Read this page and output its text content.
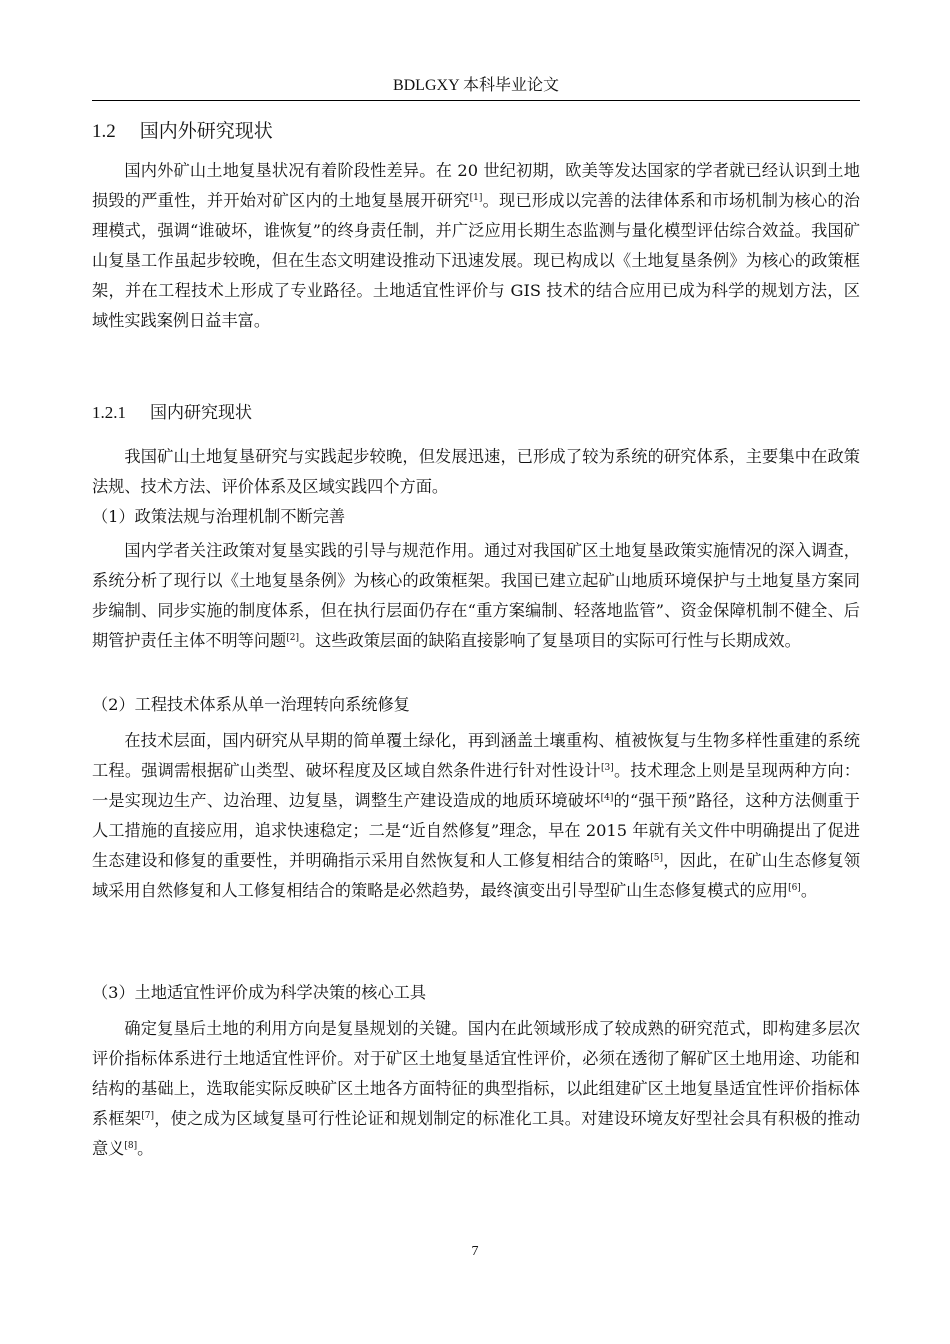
BDLGXY 本科毕业论文
1.2 国内外研究现状

国内外矿山土地复垦状况有着阶段性差异。在 20 世纪初期，欧美等发达国家的学者就已经认识到土地损毁的严重性，并开始对矿区内的土地复垦展开研究[1]。现已形成以完善的法律体系和市场机制为核心的治理模式，强调“谁破坏，谁恢复”的终身责任制，并广泛应用长期生态监测与量化模型评估综合效益。我国矿山复垦工作虽起步较晚，但在生态文明建设推动下迅速发展。现已构成以《土地复垦条例》为核心的政策框架，并在工程技术上形成了专业路径。土地适宜性评价与 GIS 技术的结合应用已成为科学的规划方法，区域性实践案例日益丰富。

1.2.1 国内研究现状

我国矿山土地复垦研究与实践起步较晚，但发展迅速，已形成了较为系统的研究体系，主要集中在政策法规、技术方法、评价体系及区域实践四个方面。

（1）政策法规与治理机制不断完善

国内学者关注政策对复垦实践的引导与规范作用。通过对我国矿区土地复垦政策实施情况的深入调查，系统分析了现行以《土地复垦条例》为核心的政策框架。我国已建立起矿山地质环境保护与土地复垦方案同步编制、同步实施的制度体系，但在执行层面仍存在“重方案编制、轻落地监管”、资金保障机制不健全、后期管护责任主体不明等问题[2]。这些政策层面的缺陷直接影响了复垦项目的实际可行性与长期成效。

（2）工程技术体系从单一治理转向系统修复

在技术层面，国内研究从早期的简单覆土绿化，再到涵盖土壤重构、植被恢复与生物多样性重建的系统工程。强调需根据矿山类型、破坏程度及区域自然条件进行针对性设计[3]。技术理念上则是呈现两种方向：一是实现边生产、边治理、边复垦，调整生产建设造成的地质环境破坏[4]的“强干预”路径，这种方法侧重于人工措施的直接应用，追求快速稳定；二是“近自然修复”理念，早在 2015 年就有关文件中明确提出了促进生态建设和修复的重要性，并明确指示采用自然恢复和人工修复相结合的策略[5]，因此，在矿山生态修复领域采用自然修复和人工修复相结合的策略是必然趋势，最终演变出引导型矿山生态修复模式的应用[6]。

（3）土地适宜性评价成为科学决策的核心工具

确定复垦后土地的利用方向是复垦规划的关键。国内在此领域形成了较成熟的研究范式，即构建多层次评价指标体系进行土地适宜性评价。对于矿区土地复垦适宜性评价，必须在透彻了解矿区土地用途、功能和结构的基础上，选取能实际反映矿区土地各方面特征的典型指标，以此组建矿区土地复垦适宜性评价指标体系框架[7]，使之成为区域复垦可行性论证和规划制定的标准化工具。对建设环境友好型社会具有积极的推动意义[8]。

7
